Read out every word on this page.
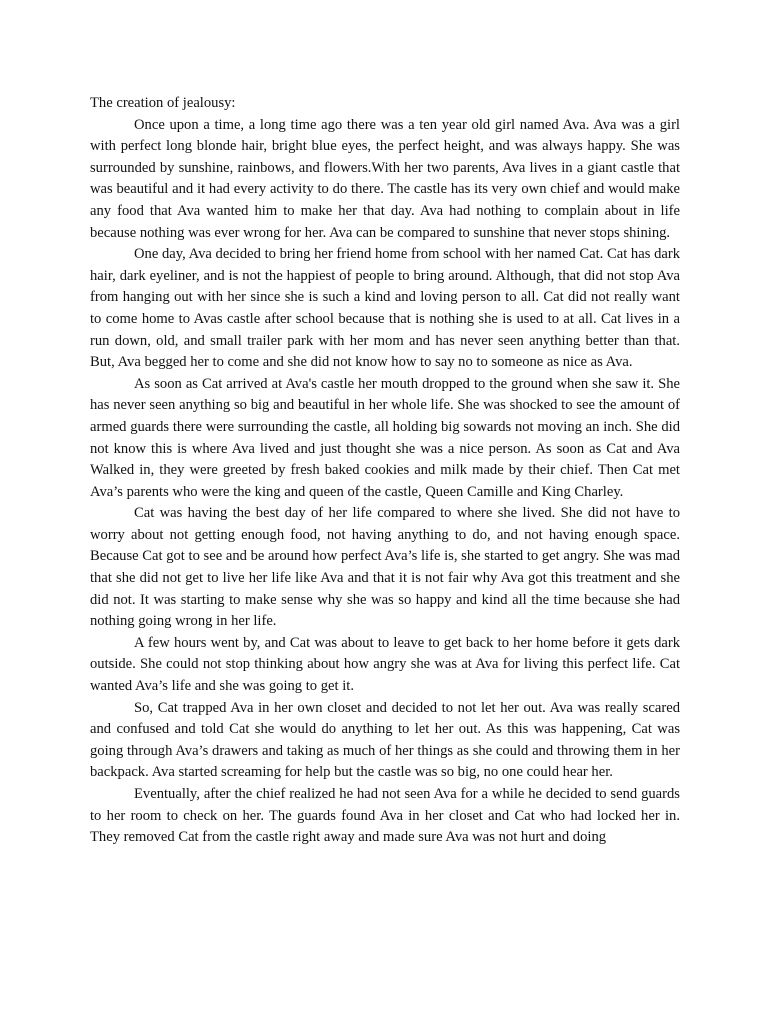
The creation of jealousy:

Once upon a time, a long time ago there was a ten year old girl named Ava. Ava was a girl with perfect long blonde hair, bright blue eyes, the perfect height, and was always happy. She was surrounded by sunshine, rainbows, and flowers.With her two parents, Ava lives in a giant castle that was beautiful and it had every activity to do there. The castle has its very own chief and would make any food that Ava wanted him to make her that day. Ava had nothing to complain about in life because nothing was ever wrong for her. Ava can be compared to sunshine that never stops shining.

One day, Ava decided to bring her friend home from school with her named Cat. Cat has dark hair, dark eyeliner, and is not the happiest of people to bring around. Although, that did not stop Ava from hanging out with her since she is such a kind and loving person to all. Cat did not really want to come home to Avas castle after school because that is nothing she is used to at all. Cat lives in a run down, old, and small trailer park with her mom and has never seen anything better than that. But, Ava begged her to come and she did not know how to say no to someone as nice as Ava.

As soon as Cat arrived at Ava's castle her mouth dropped to the ground when she saw it. She has never seen anything so big and beautiful in her whole life. She was shocked to see the amount of armed guards there were surrounding the castle, all holding big sowards not moving an inch. She did not know this is where Ava lived and just thought she was a nice person. As soon as Cat and Ava Walked in, they were greeted by fresh baked cookies and milk made by their chief. Then Cat met Ava’s parents who were the king and queen of the castle, Queen Camille and King Charley.

Cat was having the best day of her life compared to where she lived. She did not have to worry about not getting enough food, not having anything to do, and not having enough space. Because Cat got to see and be around how perfect Ava’s life is, she started to get angry. She was mad that she did not get to live her life like Ava and that it is not fair why Ava got this treatment and she did not. It was starting to make sense why she was so happy and kind all the time because she had nothing going wrong in her life.

A few hours went by, and Cat was about to leave to get back to her home before it gets dark outside. She could not stop thinking about how angry she was at Ava for living this perfect life. Cat wanted Ava’s life and she was going to get it.

So, Cat trapped Ava in her own closet and decided to not let her out. Ava was really scared and confused and told Cat she would do anything to let her out. As this was happening, Cat was going through Ava’s drawers and taking as much of her things as she could and throwing them in her backpack. Ava started screaming for help but the castle was so big, no one could hear her.

Eventually, after the chief realized he had not seen Ava for a while he decided to send guards to her room to check on her. The guards found Ava in her closet and Cat who had locked her in. They removed Cat from the castle right away and made sure Ava was not hurt and doing
